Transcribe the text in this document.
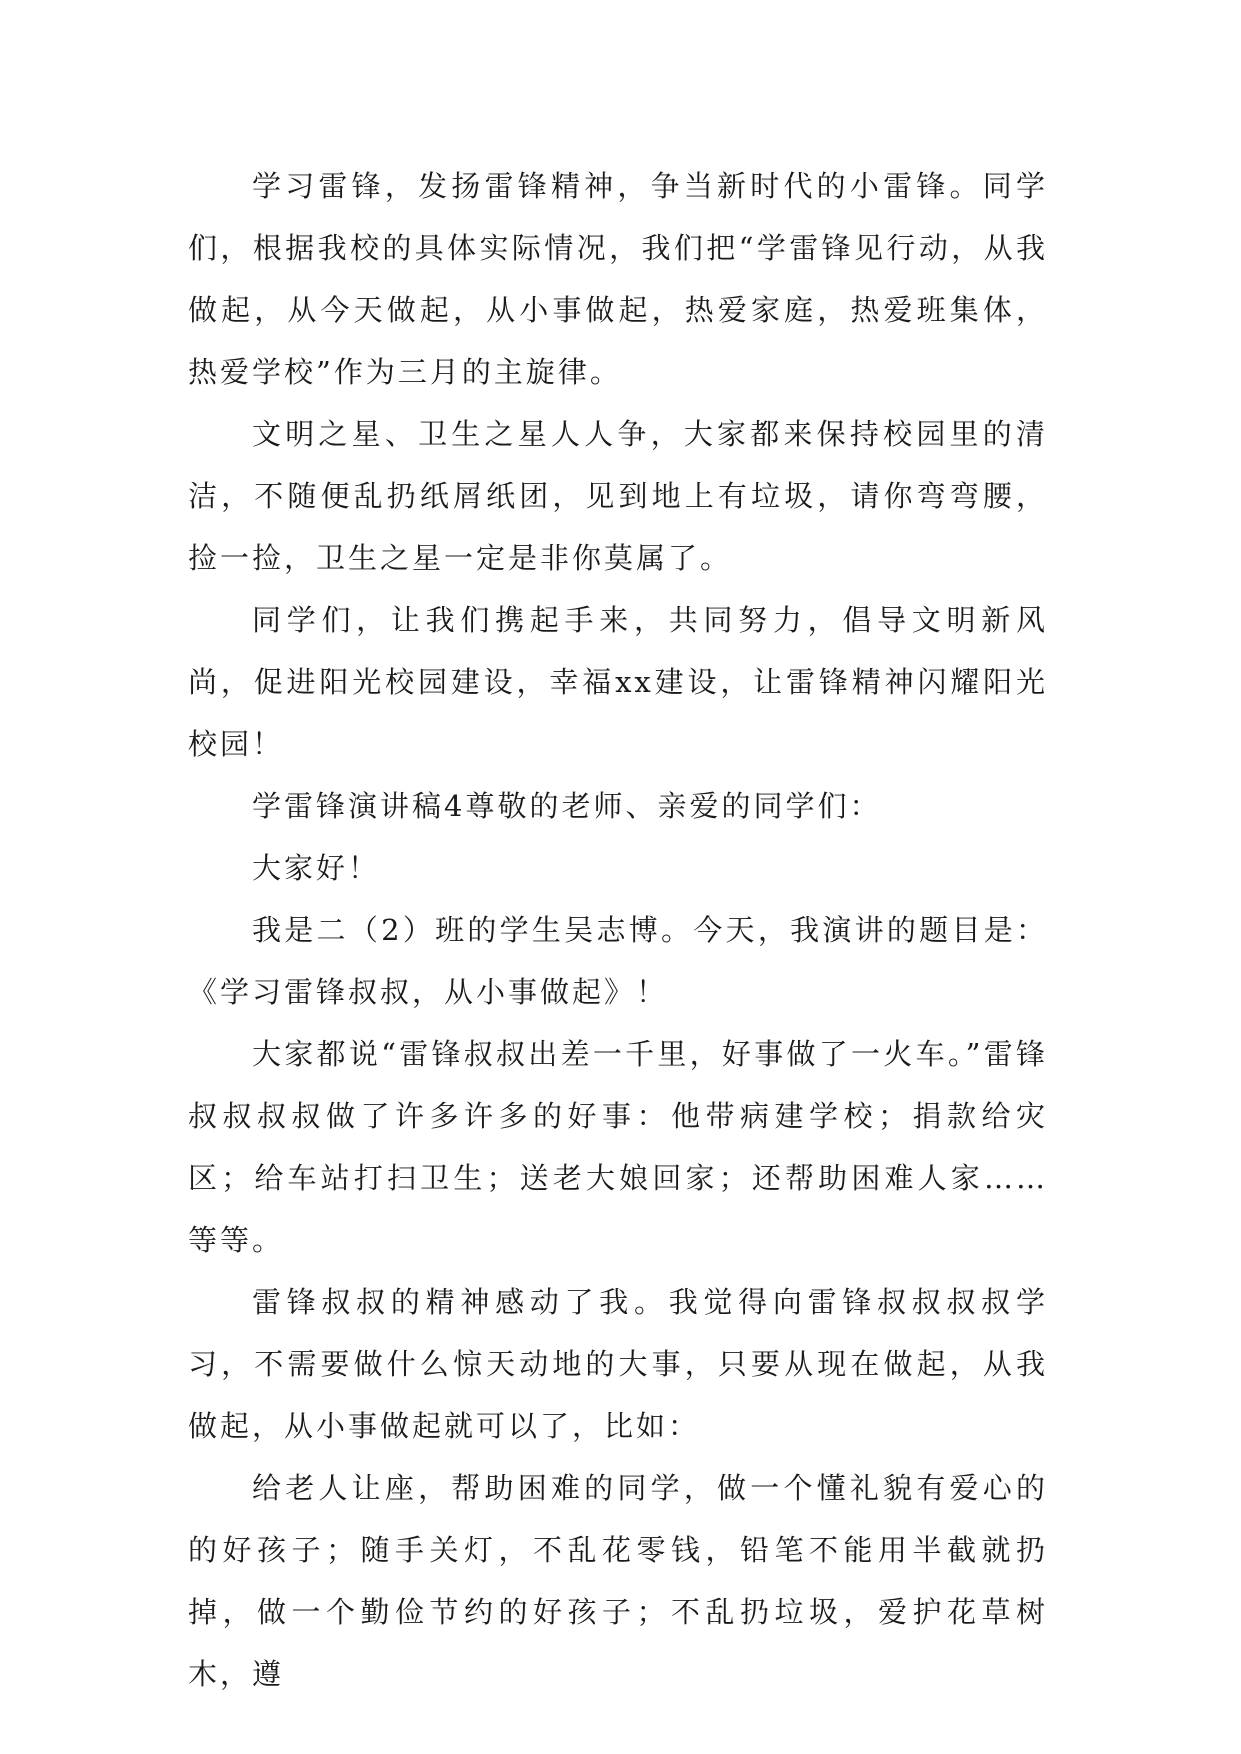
学习雷锋，发扬雷锋精神，争当新时代的小雷锋。同学们，根据我校的具体实际情况，我们把“学雷锋见行动，从我做起，从今天做起，从小事做起，热爱家庭，热爱班集体，热爱学校”作为三月的主旋律。

文明之星、卫生之星人人争，大家都来保持校园里的清洁，不随便乱扔纸屑纸团，见到地上有垃圾，请你弯弯腰，捡一捡，卫生之星一定是非你莫属了。

同学们，让我们携起手来，共同努力，倡导文明新风尚，促进阳光校园建设，幸福xx建设，让雷锋精神闪耀阳光校园！

学雷锋演讲稿4尊敬的老师、亲爱的同学们：

大家好！

我是二（2）班的学生吴志博。今天，我演讲的题目是：《学习雷锋叔叔，从小事做起》！

大家都说“雷锋叔叔出差一千里，好事做了一火车。”雷锋叔叔叔叔做了许多许多的好事：他带病建学校；捐款给灾区；给车站打扫卫生；送老大娘回家；还帮助困难人家……等等。

雷锋叔叔的精神感动了我。我觉得向雷锋叔叔叔叔学习，不需要做什么惊天动地的大事，只要从现在做起，从我做起，从小事做起就可以了，比如：

给老人让座，帮助困难的同学，做一个懂礼貌有爱心的的好孩子；随手关灯，不乱花零钱，铅笔不能用半截就扔掉，做一个勤俭节约的好孩子；不乱扔垃圾，爱护花草树木，遵
